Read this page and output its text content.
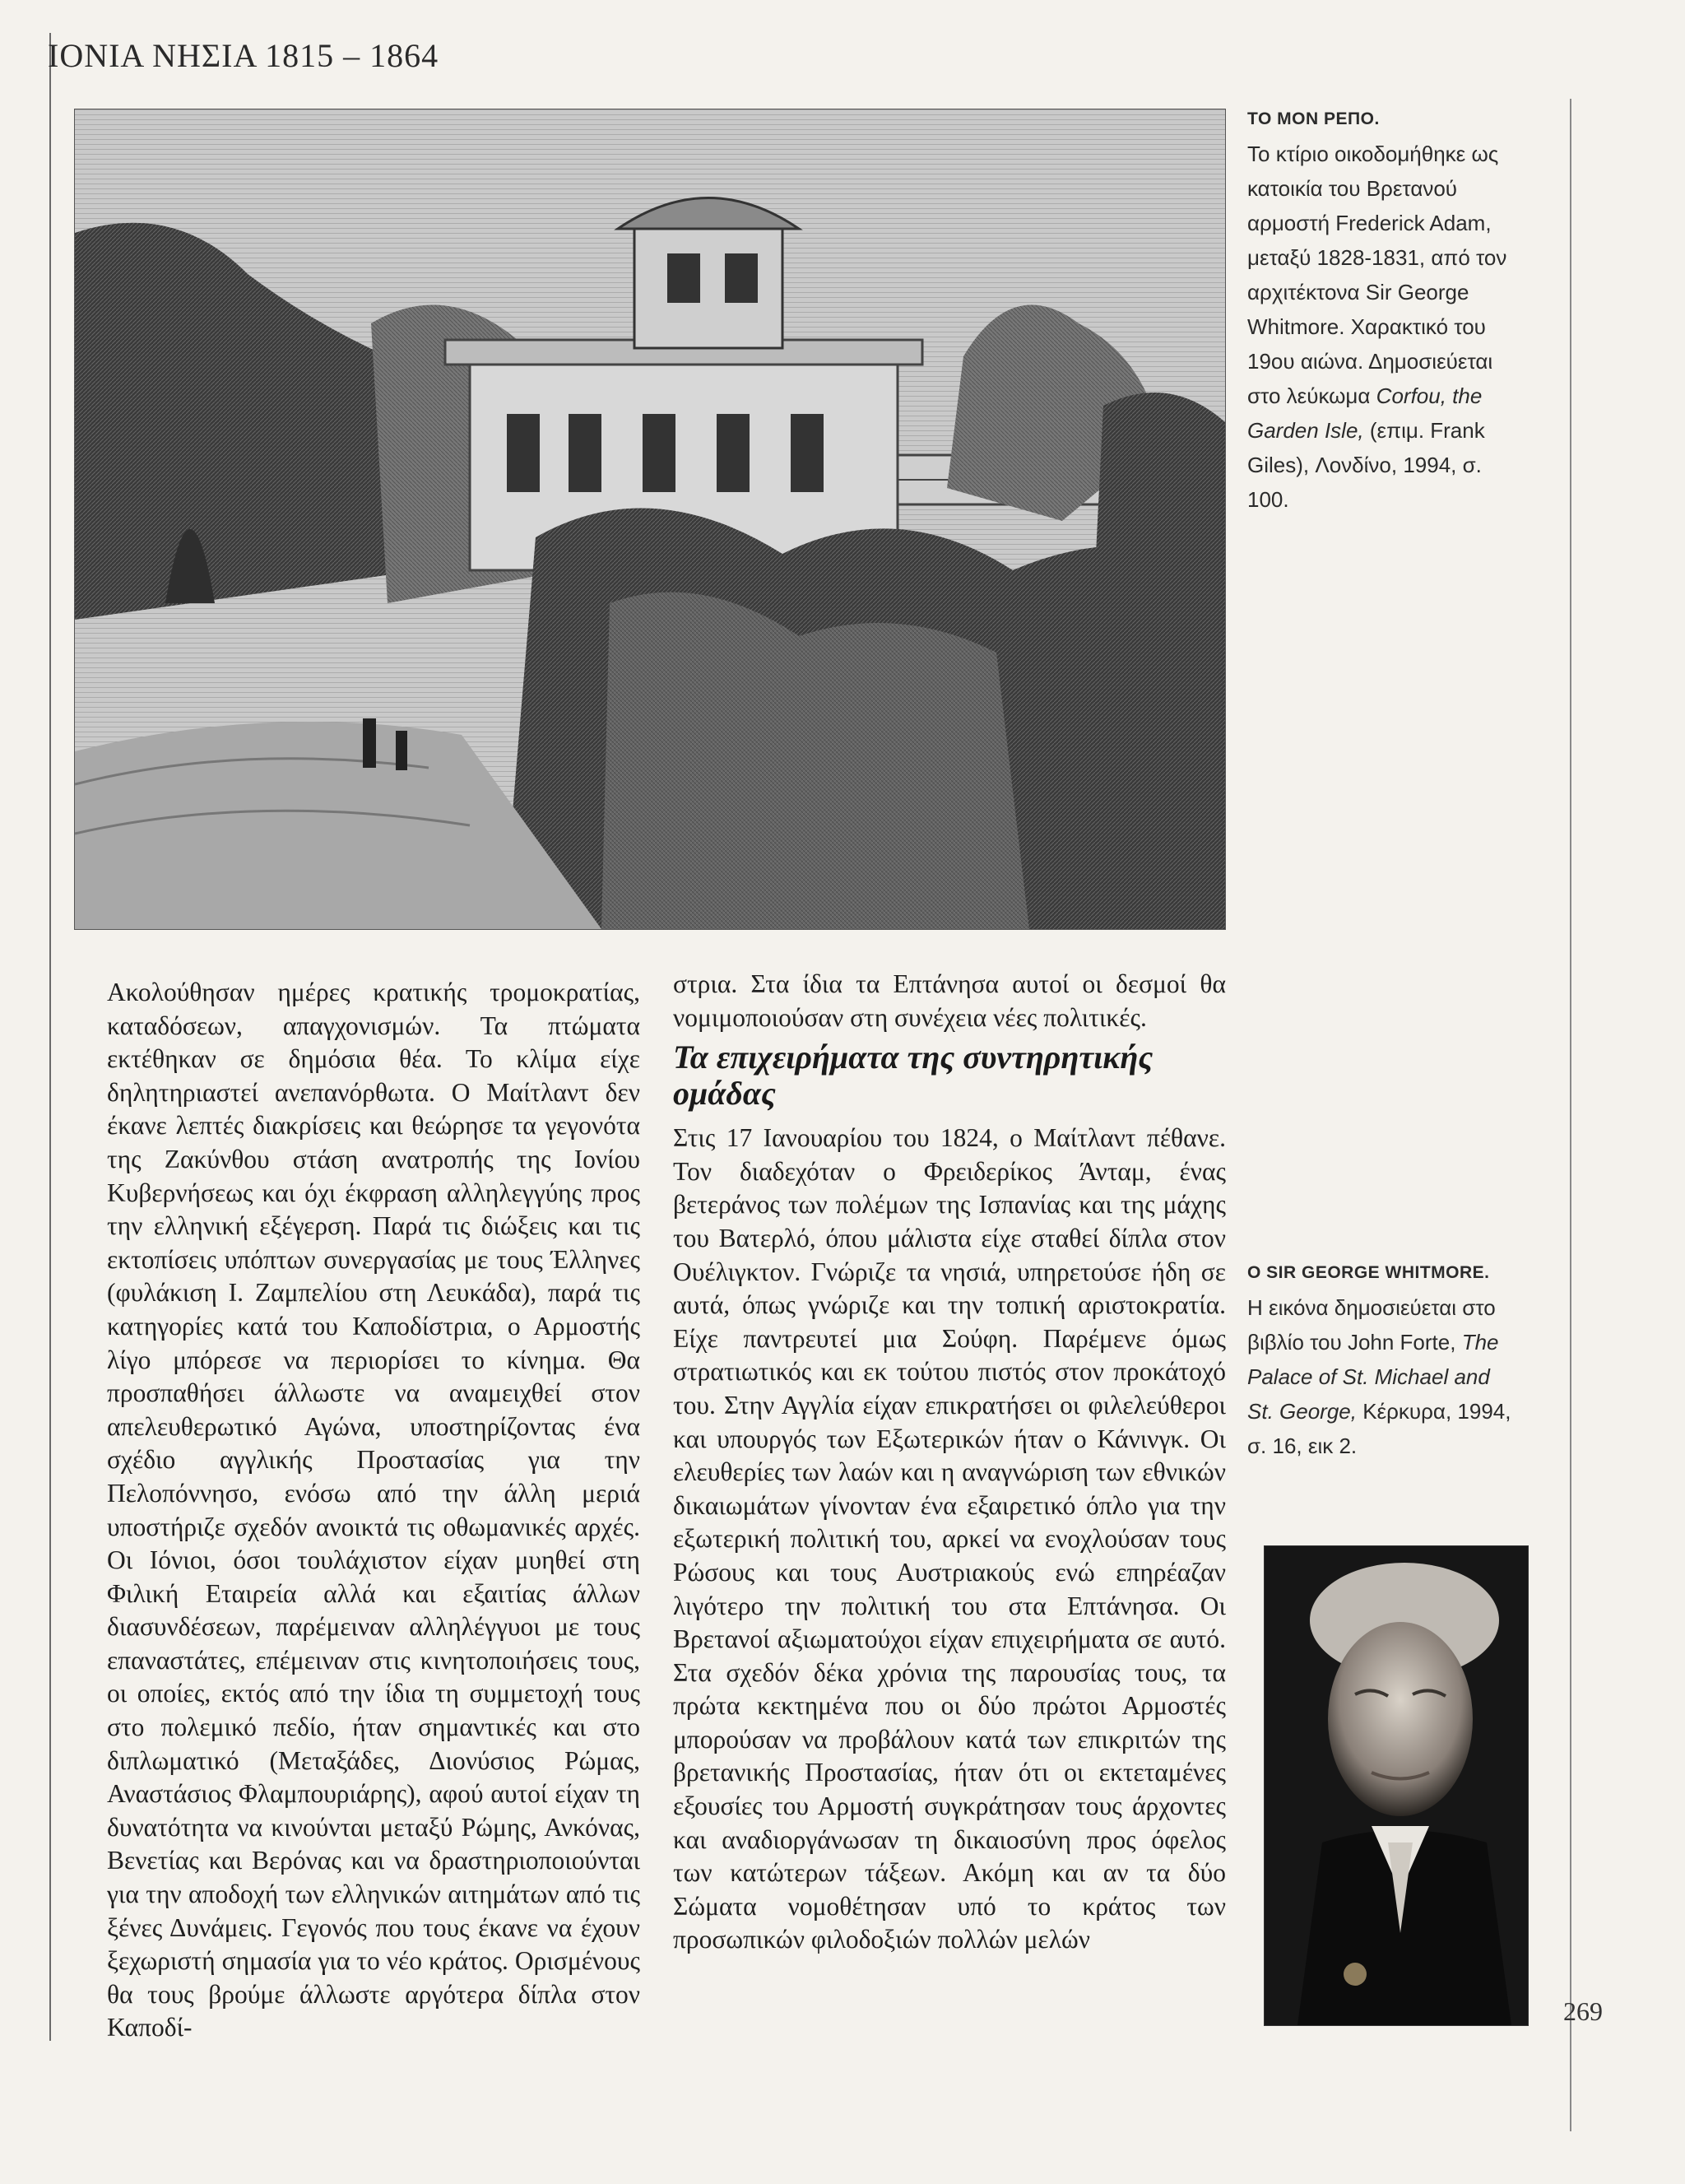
ΙΟΝΙΑ ΝΗΣΙΑ 1815 – 1864
ΤΟ ΜΟΝ ΡΕΠΟ.
Το κτίριο οικοδομήθηκε ως κατοικία του Βρετανού αρμοστή Frederick Adam, μεταξύ 1828-1831, από τον αρχιτέκτονα Sir George Whitmore. Χαρακτικό του 19ου αιώνα. Δημοσιεύεται στο λεύκωμα Corfou, the Garden Isle, (επιμ. Frank Giles), Λονδίνο, 1994, σ. 100.

Ακολούθησαν ημέρες κρατικής τρομοκρατίας, καταδόσεων, απαγχονισμών. Τα πτώματα εκτέθηκαν σε δημόσια θέα. Το κλίμα είχε δηλητηριαστεί ανεπανόρθωτα. Ο Μαίτλαντ δεν έκανε λεπτές διακρίσεις και θεώρησε τα γεγονότα της Ζακύνθου στάση ανατροπής της Ιονίου Κυβερνήσεως και όχι έκφραση αλληλεγγύης προς την ελληνική εξέγερση. Παρά τις διώξεις και τις εκτοπίσεις υπόπτων συνεργασίας με τους Έλληνες (φυλάκιση Ι. Ζαμπελίου στη Λευκάδα), παρά τις κατηγορίες κατά του Καποδίστρια, ο Αρμοστής λίγο μπόρεσε να περιορίσει το κίνημα. Θα προσπαθήσει άλλωστε να αναμειχθεί στον απελευθερωτικό Αγώνα, υποστηρίζοντας ένα σχέδιο αγγλικής Προστασίας για την Πελοπόννησο, ενόσω από την άλλη μεριά υποστήριζε σχεδόν ανοικτά τις οθωμανικές αρχές. Οι Ιόνιοι, όσοι τουλάχιστον είχαν μυηθεί στη Φιλική Εταιρεία αλλά και εξαιτίας άλλων διασυνδέσεων, παρέμειναν αλληλέγγυοι με τους επαναστάτες, επέμειναν στις κινητοποιήσεις τους, οι οποίες, εκτός από την ίδια τη συμμετοχή τους στο πολεμικό πεδίο, ήταν σημαντικές και στο διπλωματικό (Μεταξάδες, Διονύσιος Ρώμας, Αναστάσιος Φλαμπουριάρης), αφού αυτοί είχαν τη δυνατότητα να κινούνται μεταξύ Ρώμης, Ανκόνας, Βενετίας και Βερόνας και να δραστηριοποιούνται για την αποδοχή των ελληνικών αιτημάτων από τις ξένες Δυνάμεις. Γεγονός που τους έκανε να έχουν ξεχωριστή σημασία για το νέο κράτος. Ορισμένους θα τους βρούμε άλλωστε αργότερα δίπλα στον Καποδί-

στρια. Στα ίδια τα Επτάνησα αυτοί οι δεσμοί θα νομιμοποιούσαν στη συνέχεια νέες πολιτικές.

Τα επιχειρήματα της συντηρητικής ομάδας

Στις 17 Ιανουαρίου του 1824, ο Μαίτλαντ πέθανε. Τον διαδεχόταν ο Φρειδερίκος Άνταμ, ένας βετεράνος των πολέμων της Ισπανίας και της μάχης του Βατερλό, όπου μάλιστα είχε σταθεί δίπλα στον Ουέλιγκτον. Γνώριζε τα νησιά, υπηρετούσε ήδη σε αυτά, όπως γνώριζε και την τοπική αριστοκρατία. Είχε παντρευτεί μια Σούφη. Παρέμενε όμως στρατιωτικός και εκ τούτου πιστός στον προκάτοχό του. Στην Αγγλία είχαν επικρατήσει οι φιλελεύθεροι και υπουργός των Εξωτερικών ήταν ο Κάνινγκ. Οι ελευθερίες των λαών και η αναγνώριση των εθνικών δικαιωμάτων γίνονταν ένα εξαιρετικό όπλο για την εξωτερική πολιτική του, αρκεί να ενοχλούσαν τους Ρώσους και τους Αυστριακούς ενώ επηρέαζαν λιγότερο την πολιτική του στα Επτάνησα. Οι Βρετανοί αξιωματούχοι είχαν επιχειρήματα σε αυτό. Στα σχεδόν δέκα χρόνια της παρουσίας τους, τα πρώτα κεκτημένα που οι δύο πρώτοι Αρμοστές μπορούσαν να προβάλουν κατά των επικριτών της βρετανικής Προστασίας, ήταν ότι οι εκτεταμένες εξουσίες του Αρμοστή συγκράτησαν τους άρχοντες και αναδιοργάνωσαν τη δικαιοσύνη προς όφελος των κατώτερων τάξεων. Ακόμη και αν τα δύο Σώματα νομοθέτησαν υπό το κράτος των προσωπικών φιλοδοξιών πολλών μελών

O SIR GEORGE WHITMORE.
Η εικόνα δημοσιεύεται στο βιβλίο του John Forte, The Palace of St. Michael and St. George, Κέρκυρα, 1994, σ. 16, εικ 2.
269
